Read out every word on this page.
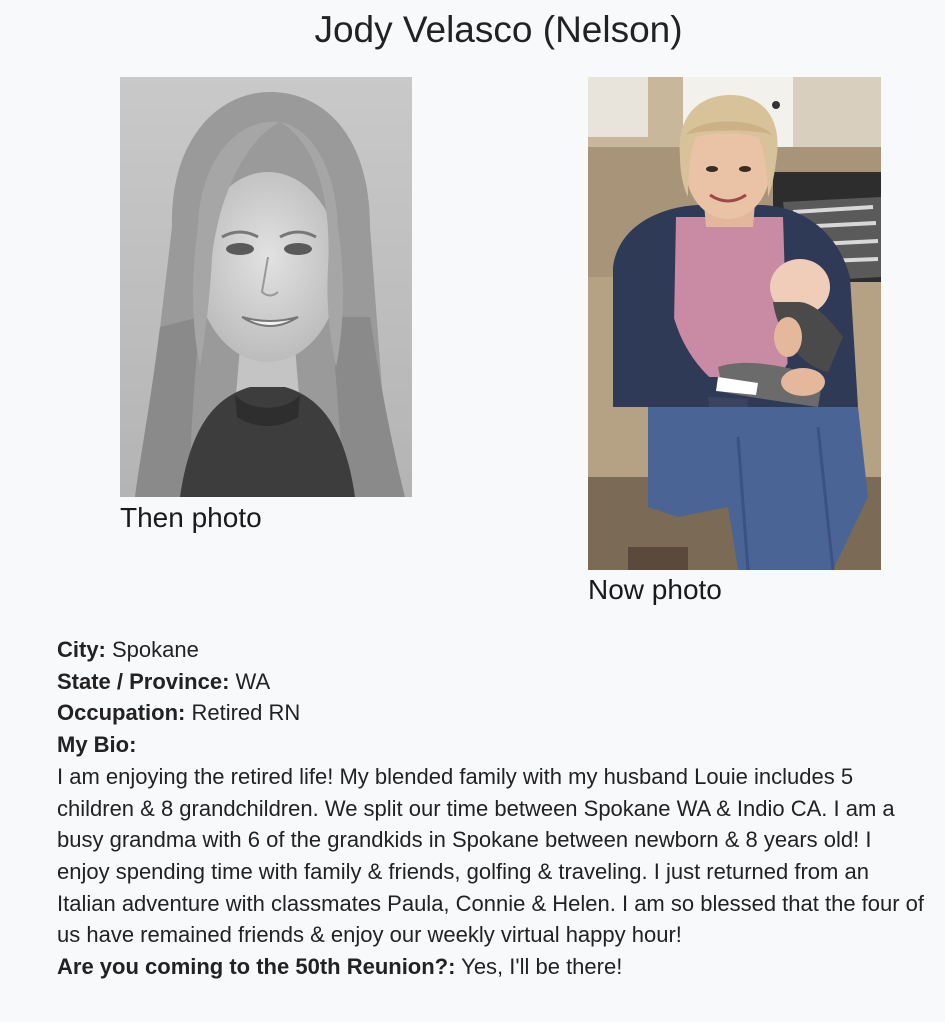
Jody Velasco (Nelson)
Then photo
Now photo
City: Spokane
State / Province: WA
Occupation: Retired RN
My Bio:
I am enjoying the retired life! My blended family with my husband Louie includes 5 children & 8 grandchildren. We split our time between Spokane WA & Indio CA. I am a busy grandma with 6 of the grandkids in Spokane between newborn & 8 years old! I enjoy spending time with family & friends, golfing & traveling. I just returned from an Italian adventure with classmates Paula, Connie & Helen. I am so blessed that the four of us have remained friends & enjoy our weekly virtual happy hour!
Are you coming to the 50th Reunion?: Yes, I'll be there!
